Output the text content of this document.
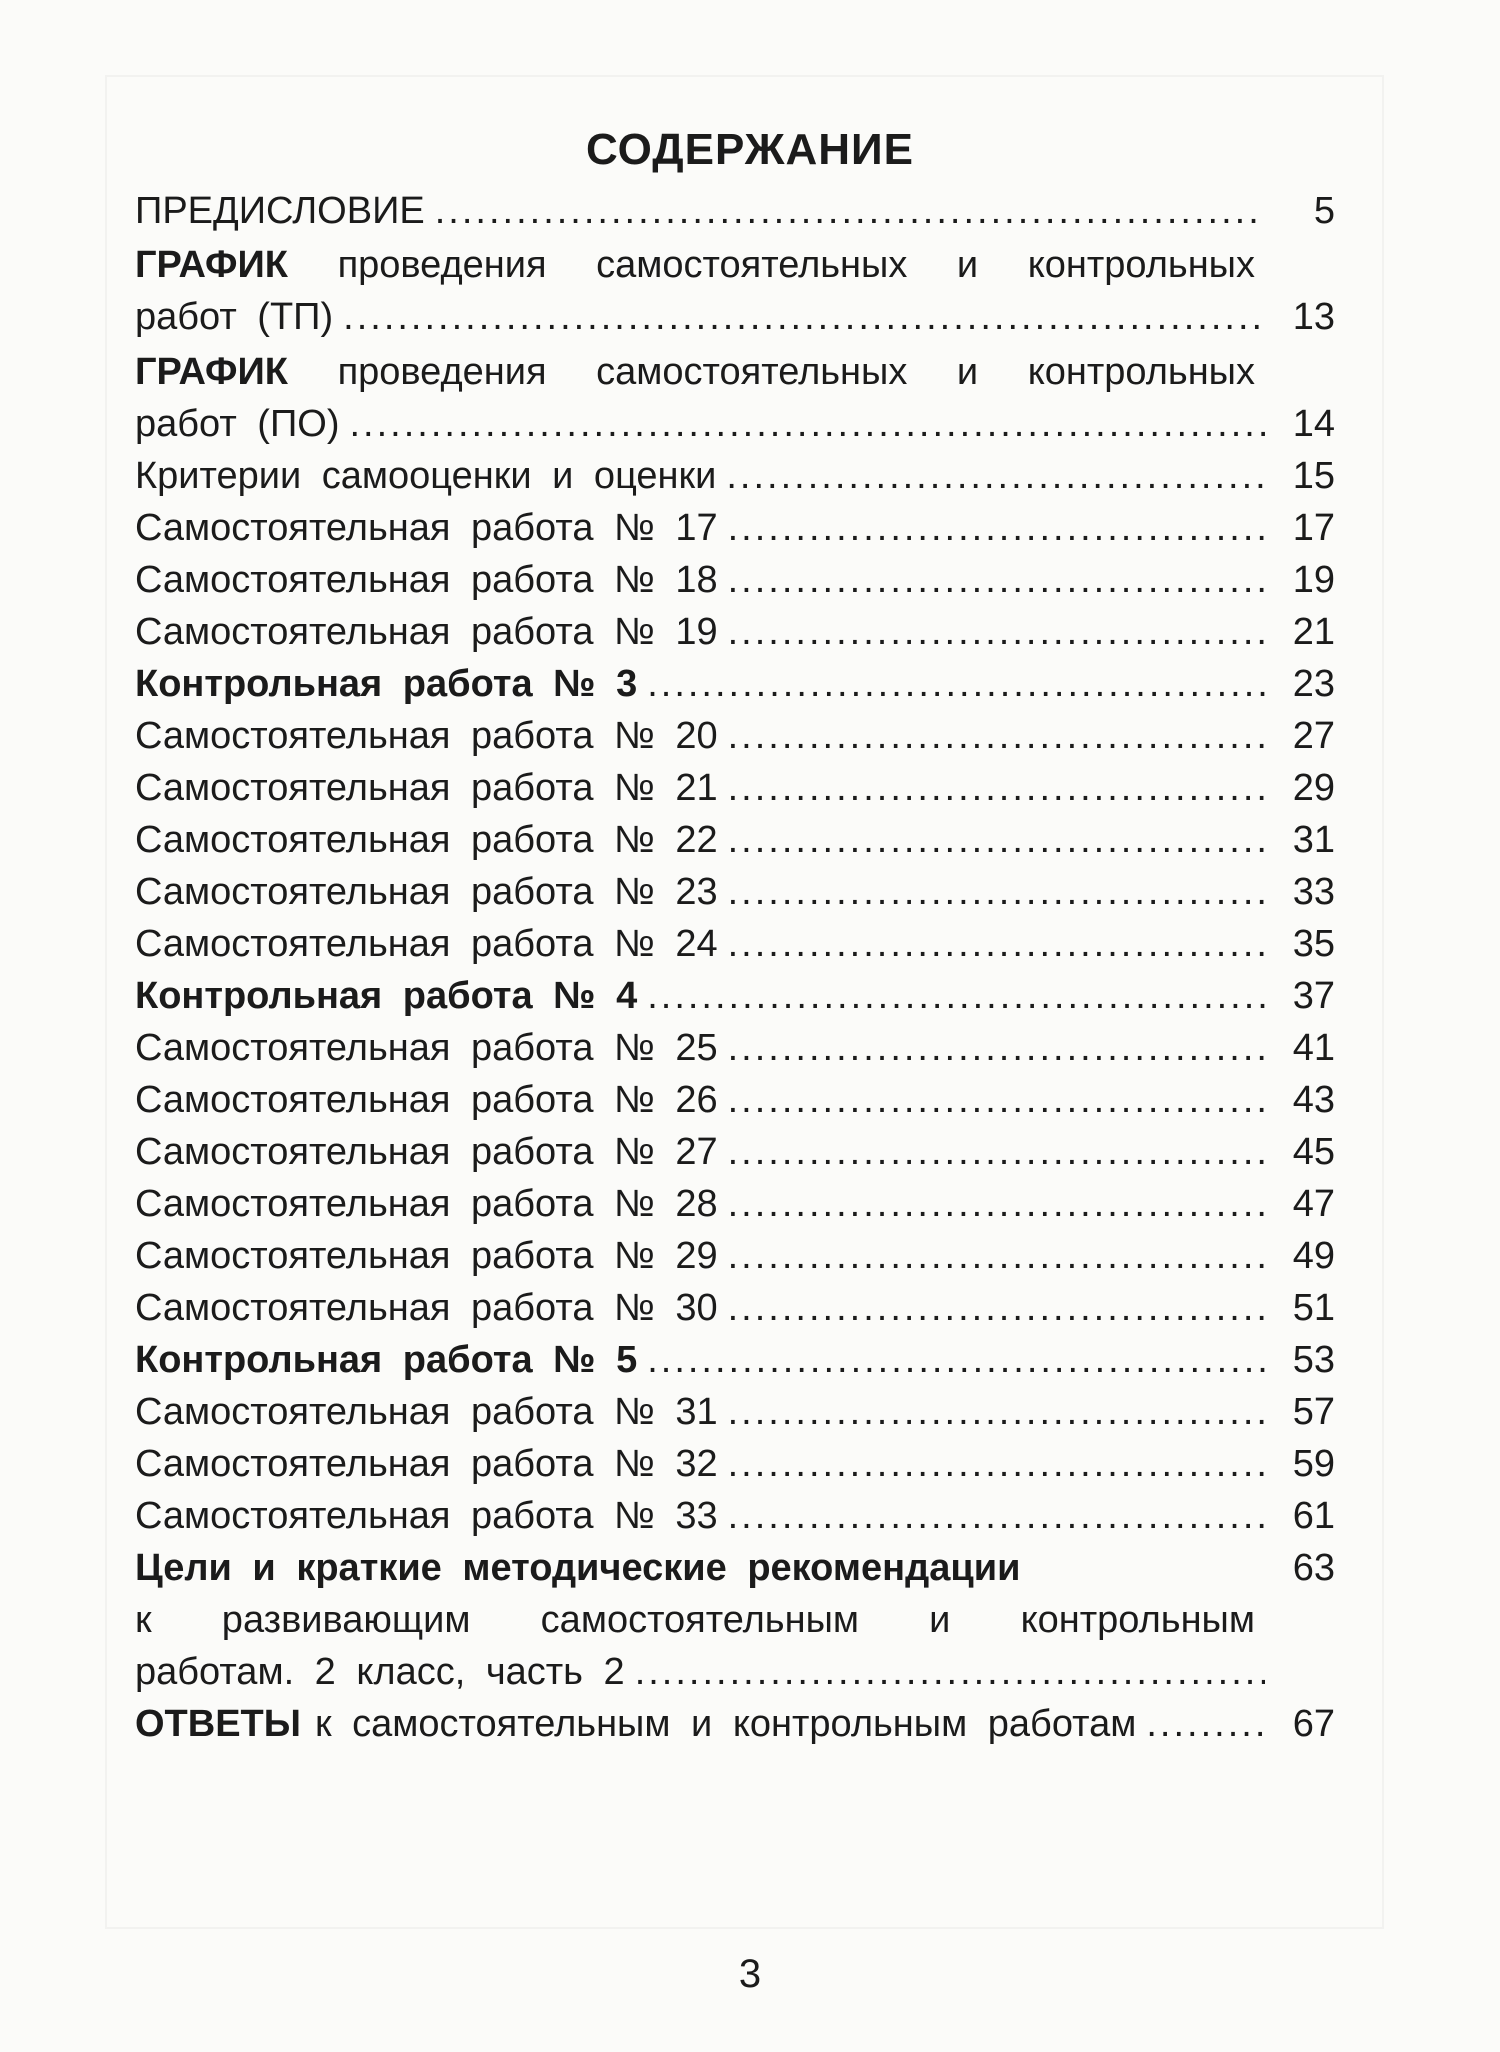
СОДЕРЖАНИЕ
ПРЕДИСЛОВИЕ .....	5
ГРАФИК проведения самостоятельных и контрольных
работ (ТП) .....	13
ГРАФИК проведения самостоятельных и контрольных
работ (ПО) .....	14
Критерии самооценки и оценки .....	15
Самостоятельная работа № 17 .....	17
Самостоятельная работа № 18 .....	19
Самостоятельная работа № 19 .....	21
Контрольная работа № 3 .....	23
Самостоятельная работа № 20 .....	27
Самостоятельная работа № 21 .....	29
Самостоятельная работа № 22 .....	31
Самостоятельная работа № 23 .....	33
Самостоятельная работа № 24 .....	35
Контрольная работа № 4 .....	37
Самостоятельная работа № 25 .....	41
Самостоятельная работа № 26 .....	43
Самостоятельная работа № 27 .....	45
Самостоятельная работа № 28 .....	47
Самостоятельная работа № 29 .....	49
Самостоятельная работа № 30 .....	51
Контрольная работа № 5 .....	53
Самостоятельная работа № 31 .....	57
Самостоятельная работа № 32 .....	59
Самостоятельная работа № 33 .....	61
Цели и краткие методические рекомендации	63
к развивающим самостоятельным и контрольным
работам. 2 класс, часть 2
.....
ОТВЕТЫ к самостоятельным и контрольным работам .....	67
3
